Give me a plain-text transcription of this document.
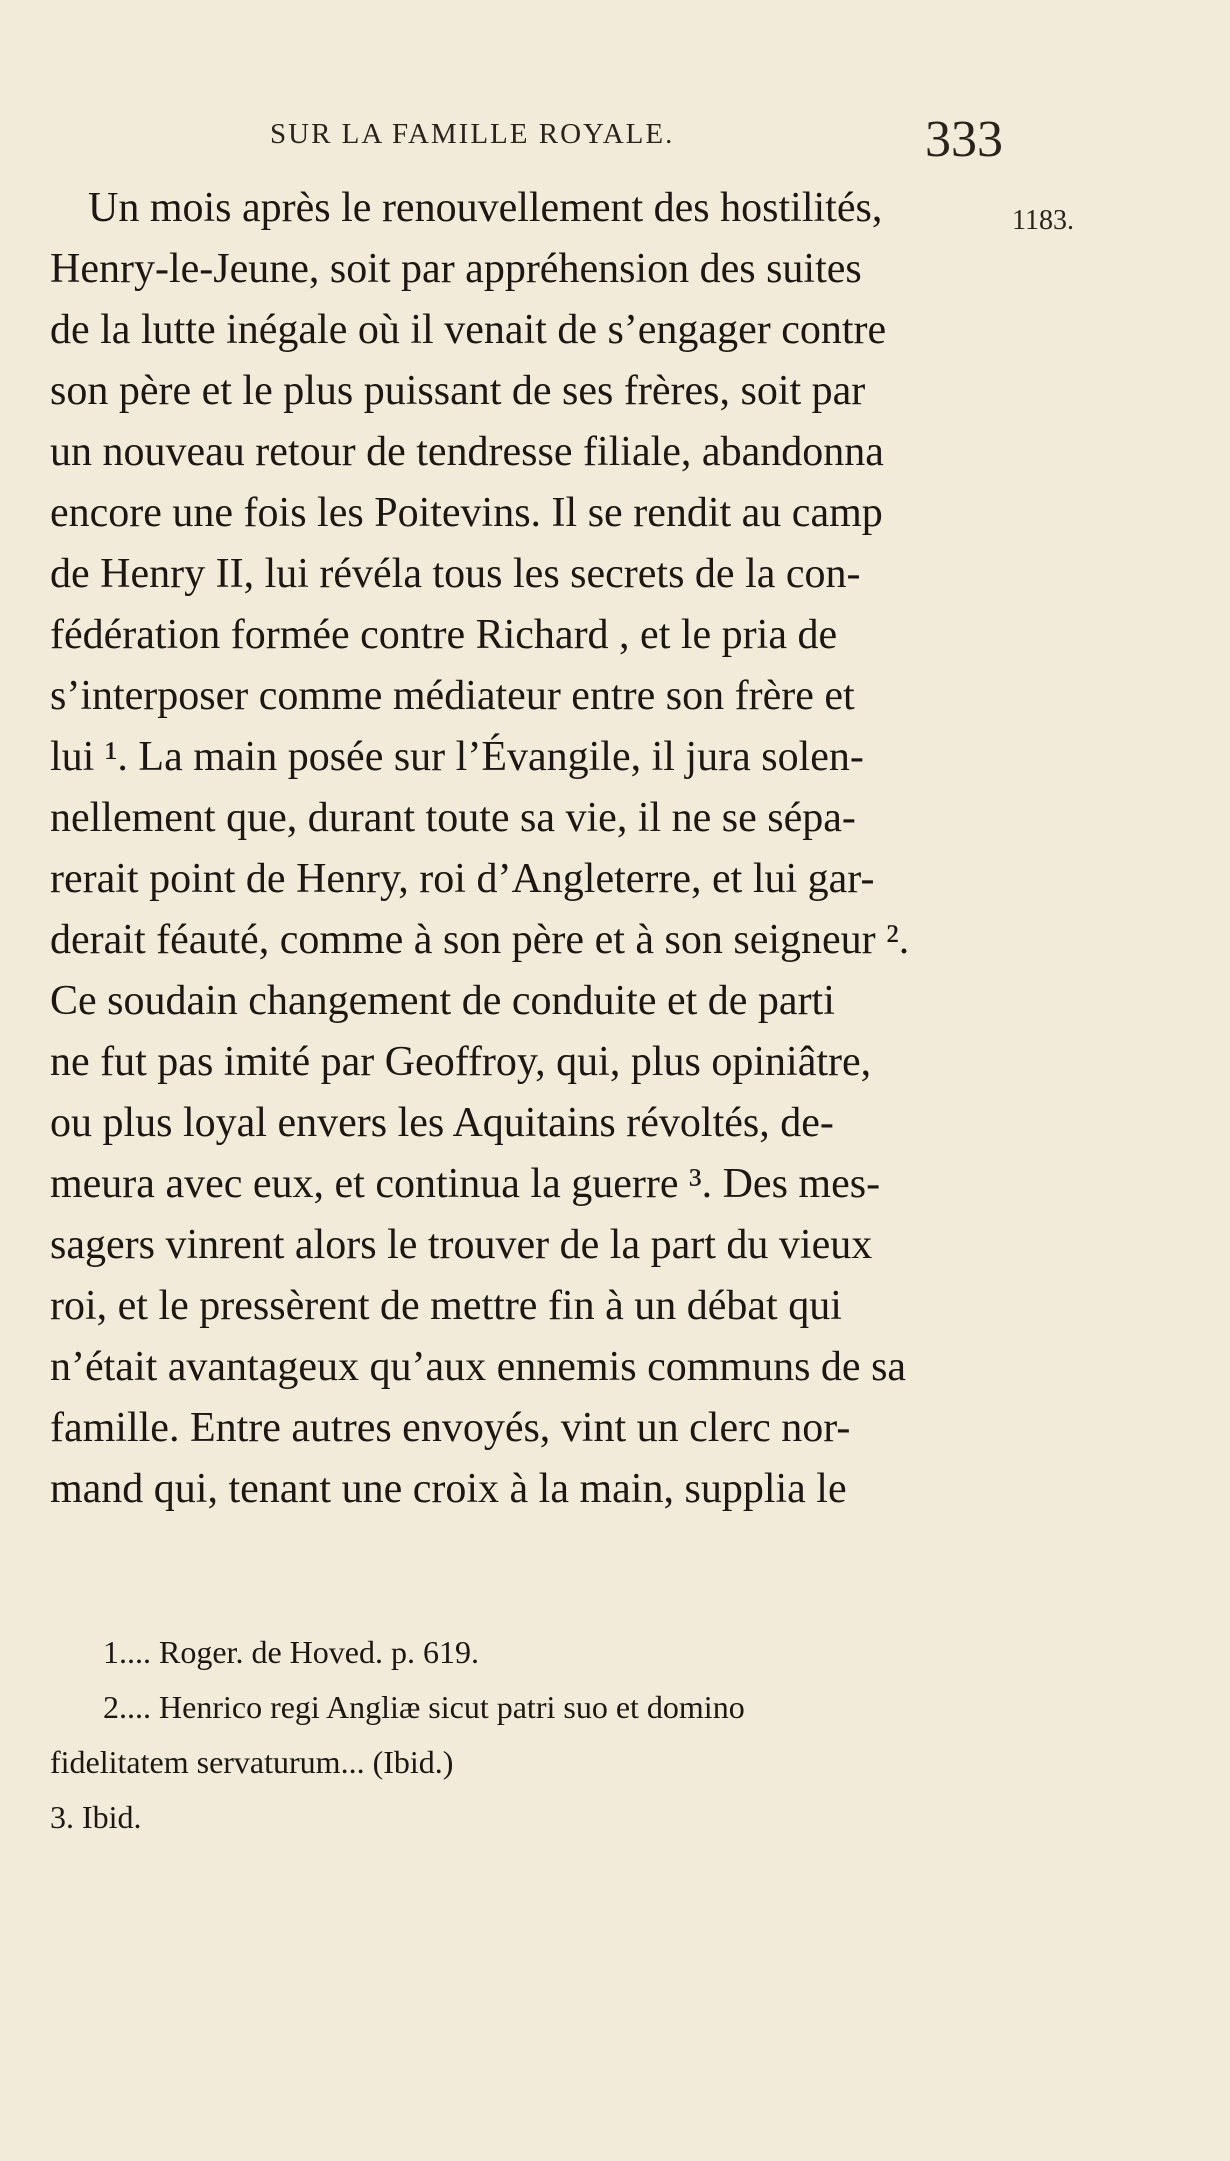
SUR LA FAMILLE ROYALE.	333
1183.
Un mois après le renouvellement des hostilités,
Henry-le-Jeune, soit par appréhension des suites
de la lutte inégale où il venait de s’engager contre
son père et le plus puissant de ses frères, soit par
un nouveau retour de tendresse filiale, abandonna
encore une fois les Poitevins. Il se rendit au camp
de Henry II, lui révéla tous les secrets de la con-
fédération formée contre Richard , et le pria de
s’interposer comme médiateur entre son frère et
lui ¹. La main posée sur l’Évangile, il jura solen-
nellement que, durant toute sa vie, il ne se sépa-
rerait point de Henry, roi d’Angleterre, et lui gar-
derait féauté, comme à son père et à son seigneur ².
Ce soudain changement de conduite et de parti
ne fut pas imité par Geoffroy, qui, plus opiniâtre,
ou plus loyal envers les Aquitains révoltés, de-
meura avec eux, et continua la guerre ³. Des mes-
sagers vinrent alors le trouver de la part du vieux
roi, et le pressèrent de mettre fin à un débat qui
n’était avantageux qu’aux ennemis communs de sa
famille. Entre autres envoyés, vint un clerc nor-
mand qui, tenant une croix à la main, supplia le
1.... Roger. de Hoved. p. 619.
2.... Henrico regi Angliæ sicut patri suo et domino
fidelitatem servaturum... (Ibid.)
3. Ibid.
